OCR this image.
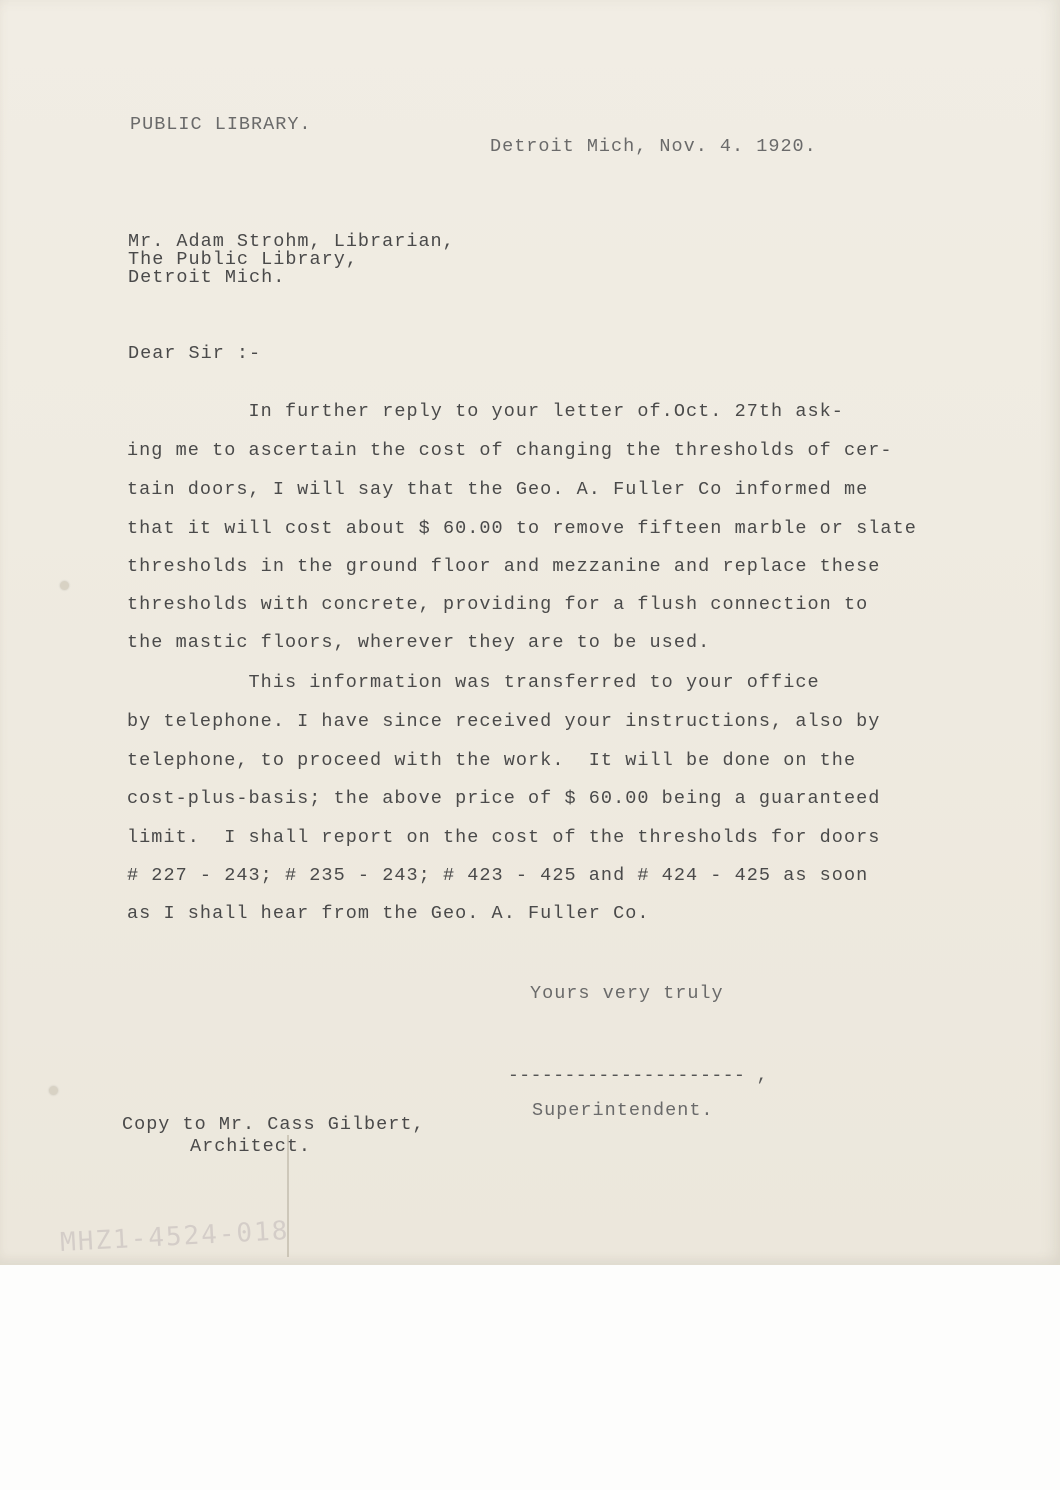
PUBLIC LIBRARY.
Detroit Mich, Nov. 4. 1920.
Mr. Adam Strohm, Librarian,
The Public Library,
Detroit Mich.
Dear Sir :-
In further reply to your letter of.Oct. 27th ask-
ing me to ascertain the cost of changing the thresholds of cer-
tain doors, I will say that the Geo. A. Fuller Co informed me
that it will cost about $ 60.00 to remove fifteen marble or slate
thresholds in the ground floor and mezzanine and replace these
thresholds with concrete, providing for a flush connection to
the mastic floors, wherever they are to be used.
This information was transferred to your office
by telephone. I have since received your instructions, also by
telephone, to proceed with the work.  It will be done on the
cost-plus-basis; the above price of $ 60.00 being a guaranteed
limit.  I shall report on the cost of the thresholds for doors
# 227 - 243; # 235 - 243; # 423 - 425 and # 424 - 425 as soon
as I shall hear from the Geo. A. Fuller Co.
Yours very truly
--------------------- ,
Superintendent.
Copy to Mr. Cass Gilbert,
Architect.
MHZ1-4524-018
